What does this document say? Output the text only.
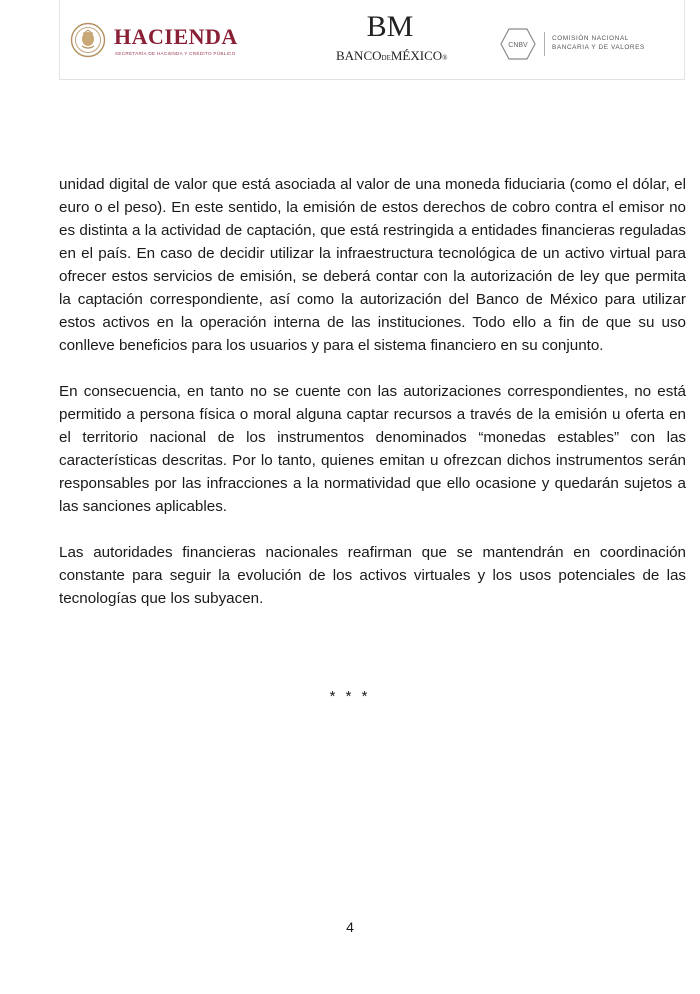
HACIENDA
SECRETARÍA DE HACIENDA Y CRÉDITO PÚBLICO
BM
BANCODEMÉXICO®
CNBV
COMISIÓN NACIONAL
BANCARIA Y DE VALORES

unidad digital de valor que está asociada al valor de una moneda fiduciaria (como el dólar, el euro o el peso). En este sentido, la emisión de estos derechos de cobro contra el emisor no es distinta a la actividad de captación, que está restringida a entidades financieras reguladas en el país. En caso de decidir utilizar la infraestructura tecnológica de un activo virtual para ofrecer estos servicios de emisión, se deberá contar con la autorización de ley que permita la captación correspondiente, así como la autorización del Banco de México para utilizar estos activos en la operación interna de las instituciones. Todo ello a fin de que su uso conlleve beneficios para los usuarios y para el sistema financiero en su conjunto.

En consecuencia, en tanto no se cuente con las autorizaciones correspondientes, no está permitido a persona física o moral alguna captar recursos a través de la emisión u oferta en el territorio nacional de los instrumentos denominados “monedas estables” con las características descritas. Por lo tanto, quienes emitan u ofrezcan dichos instrumentos serán responsables por las infracciones a la normatividad que ello ocasione y quedarán sujetos a las sanciones aplicables.

Las autoridades financieras nacionales reafirman que se mantendrán en coordinación constante para seguir la evolución de los activos virtuales y los usos potenciales de las tecnologías que los subyacen.

* * *
4
